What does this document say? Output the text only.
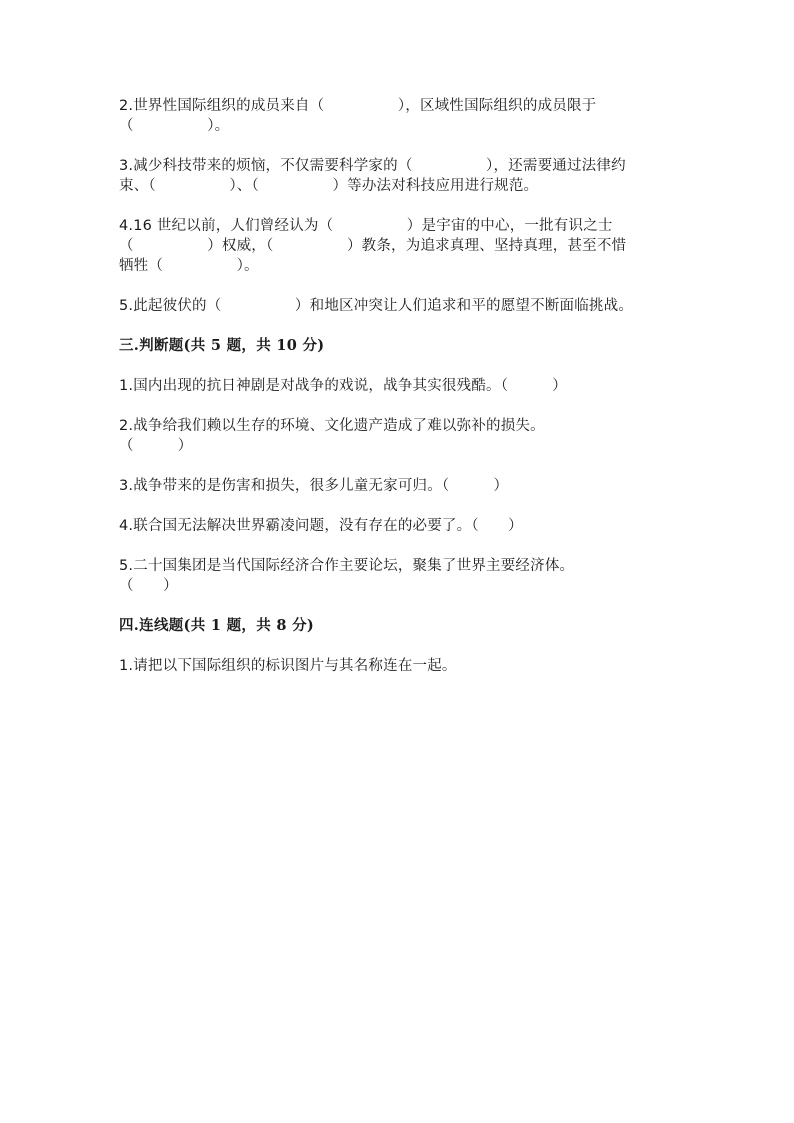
2.世界性国际组织的成员来自（　　　　　），区域性国际组织的成员限于
（　　　　　）。
3.减少科技带来的烦恼，不仅需要科学家的（　　　　　），还需要通过法律约
束、（　　　　　）、（　　　　　）等办法对科技应用进行规范。
4.16 世纪以前，人们曾经认为（　　　　　）是宇宙的中心，一批有识之士
（　　　　　）权威，（　　　　　）教条，为追求真理、坚持真理，甚至不惜
牺牲（　　　　　）。
5.此起彼伏的（　　　　　）和地区冲突让人们追求和平的愿望不断面临挑战。
三.判断题(共 5 题，共 10 分)
1.国内出现的抗日神剧是对战争的戏说，战争其实很残酷。（　　　）
2.战争给我们赖以生存的环境、文化遗产造成了难以弥补的损失。
（　　　）
3.战争带来的是伤害和损失，很多儿童无家可归。（　　　）
4.联合国无法解决世界霸凌问题，没有存在的必要了。（　　）
5.二十国集团是当代国际经济合作主要论坛，聚集了世界主要经济体。
（　　）
四.连线题(共 1 题，共 8 分)
1.请把以下国际组织的标识图片与其名称连在一起。
